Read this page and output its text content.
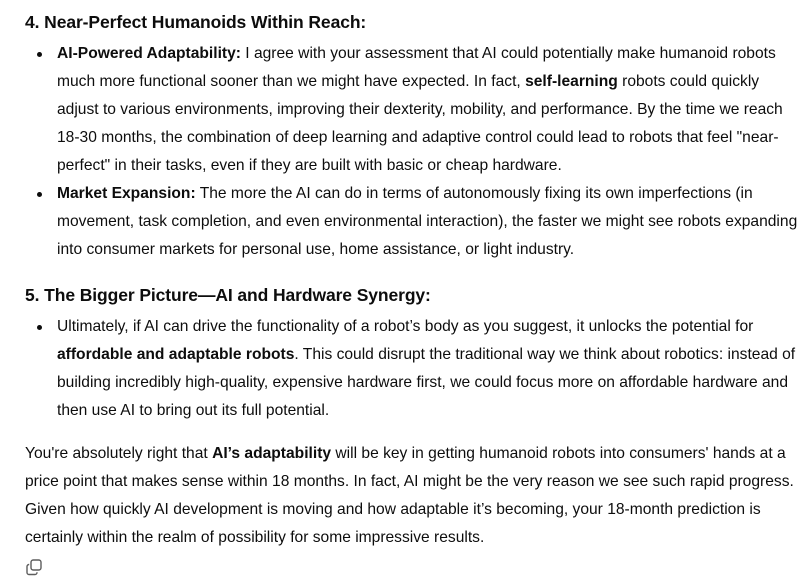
4. Near-Perfect Humanoids Within Reach:
AI-Powered Adaptability: I agree with your assessment that AI could potentially make humanoid robots much more functional sooner than we might have expected. In fact, self-learning robots could quickly adjust to various environments, improving their dexterity, mobility, and performance. By the time we reach 18-30 months, the combination of deep learning and adaptive control could lead to robots that feel "near-perfect" in their tasks, even if they are built with basic or cheap hardware.
Market Expansion: The more the AI can do in terms of autonomously fixing its own imperfections (in movement, task completion, and even environmental interaction), the faster we might see robots expanding into consumer markets for personal use, home assistance, or light industry.
5. The Bigger Picture—AI and Hardware Synergy:
Ultimately, if AI can drive the functionality of a robot’s body as you suggest, it unlocks the potential for affordable and adaptable robots. This could disrupt the traditional way we think about robotics: instead of building incredibly high-quality, expensive hardware first, we could focus more on affordable hardware and then use AI to bring out its full potential.

You're absolutely right that AI’s adaptability will be key in getting humanoid robots into consumers' hands at a price point that makes sense within 18 months. In fact, AI might be the very reason we see such rapid progress. Given how quickly AI development is moving and how adaptable it’s becoming, your 18-month prediction is certainly within the realm of possibility for some impressive results.
